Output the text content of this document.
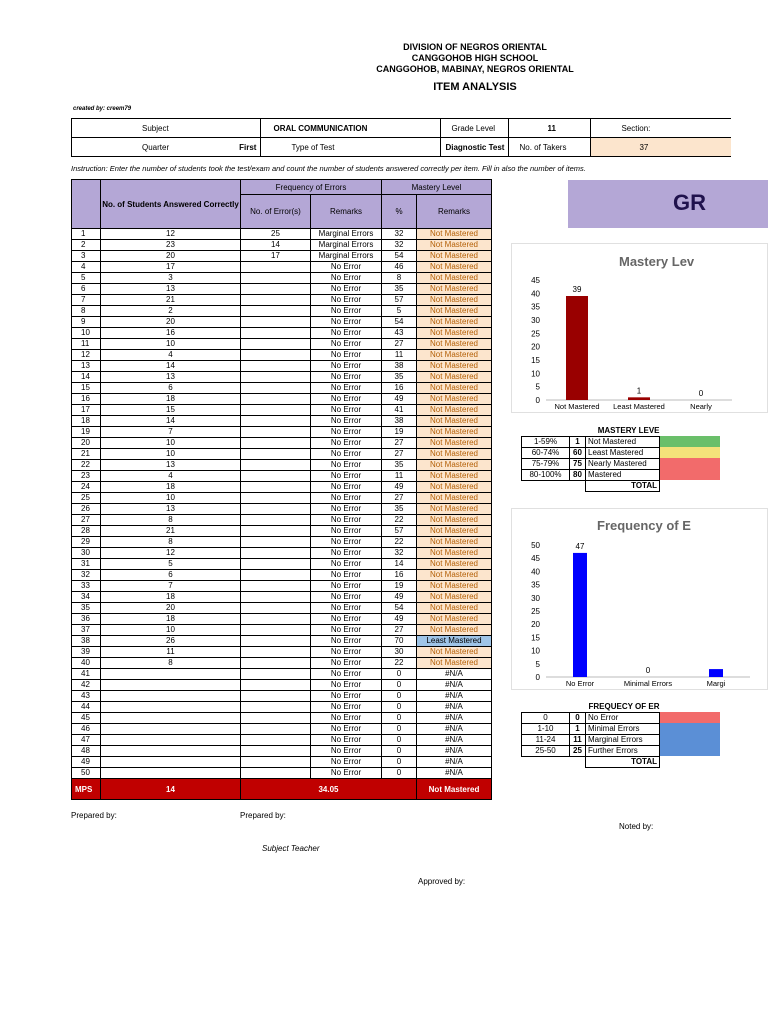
DIVISION OF NEGROS ORIENTAL
CANGGOHOB HIGH SCHOOL
CANGGOHOB, MABINAY, NEGROS ORIENTAL
ITEM ANALYSIS
created by: creem79
Subject	ORAL COMMUNICATION	Grade Level	11	Section:
Quarter First	Type of Test	Diagnostic Test	No. of Takers	37
Instruction: Enter the number of students took the test/exam and count the number of students answered correctly per item. Fill in also the number of items.
	No. of Students Answered Correctly	Frequency of Errors		Mastery Level	
		No. of Error(s)	Remarks	%	Remarks
1	12	25	Marginal Errors	32	Not Mastered
2	23	14	Marginal Errors	32	Not Mastered
3	20	17	Marginal Errors	54	Not Mastered
4	17		No Error	46	Not Mastered
5	3		No Error	8	Not Mastered
6	13		No Error	35	Not Mastered
7	21		No Error	57	Not Mastered
8	2		No Error	5	Not Mastered
9	20		No Error	54	Not Mastered
10	16		No Error	43	Not Mastered
11	10		No Error	27	Not Mastered
12	4		No Error	11	Not Mastered
13	14		No Error	38	Not Mastered
14	13		No Error	35	Not Mastered
15	6		No Error	16	Not Mastered
16	18		No Error	49	Not Mastered
17	15		No Error	41	Not Mastered
18	14		No Error	38	Not Mastered
19	7		No Error	19	Not Mastered
20	10		No Error	27	Not Mastered
21	10		No Error	27	Not Mastered
22	13		No Error	35	Not Mastered
23	4		No Error	11	Not Mastered
24	18		No Error	49	Not Mastered
25	10		No Error	27	Not Mastered
26	13		No Error	35	Not Mastered
27	8		No Error	22	Not Mastered
28	21		No Error	57	Not Mastered
29	8		No Error	22	Not Mastered
30	12		No Error	32	Not Mastered
31	5		No Error	14	Not Mastered
32	6		No Error	16	Not Mastered
33	7		No Error	19	Not Mastered
34	18		No Error	49	Not Mastered
35	20		No Error	54	Not Mastered
36	18		No Error	49	Not Mastered
37	10		No Error	27	Not Mastered
38	26		No Error	70	Least Mastered
39	11		No Error	30	Not Mastered
40	8		No Error	22	Not Mastered
41			No Error	0	#N/A
42			No Error	0	#N/A
43			No Error	0	#N/A
44			No Error	0	#N/A
45			No Error	0	#N/A
46			No Error	0	#N/A
47			No Error	0	#N/A
48			No Error	0	#N/A
49			No Error	0	#N/A
50			No Error	0	#N/A
MPS	14	34.05			Not Mastered
GR
Mastery Lev
0
5
10
15
20
25
30
35
40
45
39
Not Mastered
1
Least Mastered
0
Nearly
MASTERY LEVE			
1-59%	1	Not Mastered	
60-74%	60	Least Mastered	
75-79%	75	Nearly Mastered	
80-100%	80	Mastered	
		TOTAL	
Frequency of E
0
5
10
15
20
25
30
35
40
45
50	47
No Error
0
Minimal Errors	Margi
FREQUECY OF ER			
0	0	No Error	
1-10	1	Minimal Errors	
11-24	11	Marginal Errors	
25-50	25	Further Errors	
		TOTAL	
Prepared by:	Prepared by:
Noted by:
Subject Teacher
Approved by:
